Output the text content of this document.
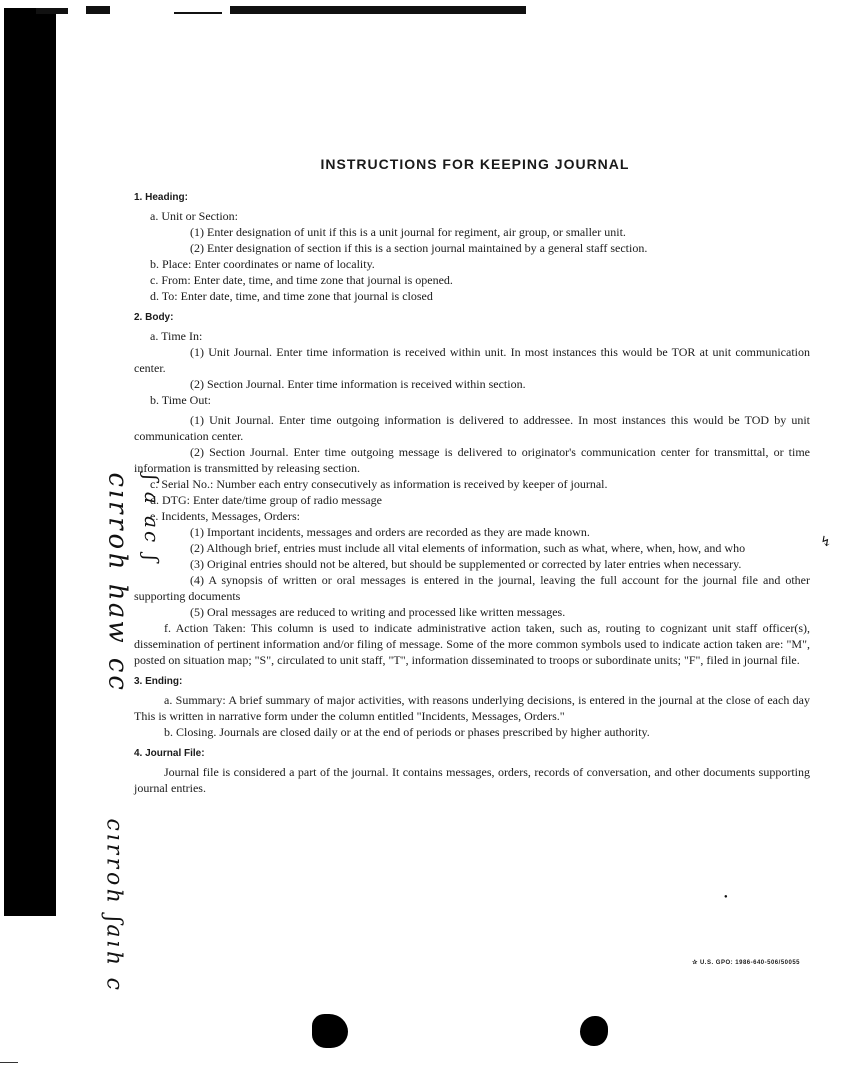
ɔɔ ʍɐɥ ɥoɹɹıɔ ʃ ɔɐ ɐ ʃ
ɔ ɥıɐʃ ɥoɹɹıɔ
↯
●
INSTRUCTIONS FOR KEEPING JOURNAL

1. Heading:

a. Unit or Section:

(1) Enter designation of unit if this is a unit journal for regiment, air group, or smaller unit.

(2) Enter designation of section if this is a section journal maintained by a general staff section.

b. Place: Enter coordinates or name of locality.

c. From: Enter date, time, and time zone that journal is opened.

d. To: Enter date, time, and time zone that journal is closed

2. Body:

a. Time In:

(1) Unit Journal. Enter time information is received within unit. In most instances this would be TOR at unit communication center.

(2) Section Journal. Enter time information is received within section.

b. Time Out:

(1) Unit Journal. Enter time outgoing information is delivered to addressee. In most instances this would be TOD by unit communication center.

(2) Section Journal. Enter time outgoing message is delivered to originator's communication center for transmittal, or time information is transmitted by releasing section.

c. Serial No.: Number each entry consecutively as information is received by keeper of journal.

d. DTG: Enter date/time group of radio message

e. Incidents, Messages, Orders:

(1) Important incidents, messages and orders are recorded as they are made known.

(2) Although brief, entries must include all vital elements of information, such as what, where, when, how, and who

(3) Original entries should not be altered, but should be supplemented or corrected by later entries when necessary.

(4) A synopsis of written or oral messages is entered in the journal, leaving the full account for the journal file and other supporting documents

(5) Oral messages are reduced to writing and processed like written messages.

f. Action Taken: This column is used to indicate administrative action taken, such as, routing to cognizant unit staff officer(s), dissemination of pertinent information and/or filing of message. Some of the more common symbols used to indicate action taken are: "M", posted on situation map; "S", circulated to unit staff, "T", information disseminated to troops or subordinate units; "F", filed in journal file.

3. Ending:

a. Summary: A brief summary of major activities, with reasons underlying decisions, is entered in the journal at the close of each day This is written in narrative form under the column entitled "Incidents, Messages, Orders."

b. Closing. Journals are closed daily or at the end of periods or phases prescribed by higher authority.

4. Journal File:

Journal file is considered a part of the journal. It contains messages, orders, records of conversation, and other documents supporting journal entries.

✰ U.S. GPO: 1986-640-506/50055
